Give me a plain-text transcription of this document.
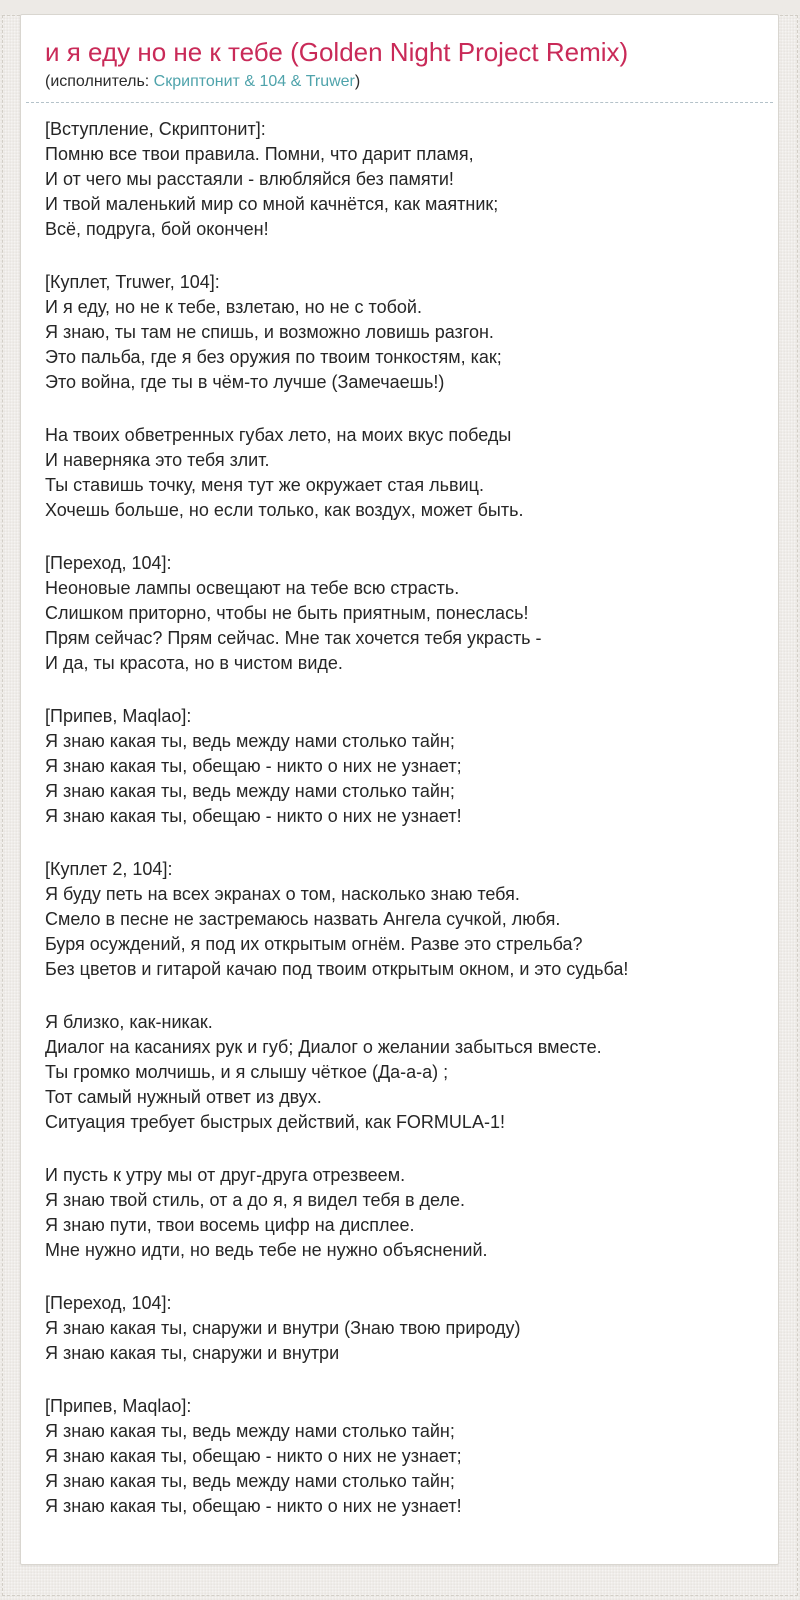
и я еду но не к тебе (Golden Night Project Remix)
(исполнитель: Скриптонит & 104 & Truwer)
[Вступление, Скриптонит]:
Помню все твои правила. Помни, что дарит пламя,
И от чего мы расстаяли - влюбляйся без памяти!
И твой маленький мир со мной качнётся, как маятник;
Всё, подруга, бой окончен!
[Куплет, Truwer, 104]:
И я еду, но не к тебе, взлетаю, но не с тобой.
Я знаю, ты там не спишь, и возможно ловишь разгон.
Это пальба, где я без оружия по твоим тонкостям, как;
Это война, где ты в чём-то лучше (Замечаешь!)
На твоих обветренных губах лето, на моих вкус победы
И наверняка это тебя злит.
Ты ставишь точку, меня тут же окружает стая львиц.
Хочешь больше, но если только, как воздух, может быть.
[Переход, 104]:
Неоновые лампы освещают на тебе всю страсть.
Слишком приторно, чтобы не быть приятным, понеслась!
Прям сейчас? Прям сейчас. Мне так хочется тебя украсть -
И да, ты красота, но в чистом виде.
[Припев, Maqlao]:
Я знаю какая ты, ведь между нами столько тайн;
Я знаю какая ты, обещаю - никто о них не узнает;
Я знаю какая ты, ведь между нами столько тайн;
Я знаю какая ты, обещаю - никто о них не узнает!
[Куплет 2, 104]:
Я буду петь на всех экранах о том, насколько знаю тебя.
Смело в песне не застремаюсь назвать Ангела сучкой, любя.
Буря осуждений, я под их открытым огнём. Разве это стрельба?
Без цветов и гитарой качаю под твоим открытым окном, и это судьба!
Я близко, как-никак.
Диалог на касаниях рук и губ; Диалог о желании забыться вместе.
Ты громко молчишь, и я слышу чёткое (Да-а-а) ;
Тот самый нужный ответ из двух.
Ситуация требует быстрых действий, как FORMULA-1!
И пусть к утру мы от друг-друга отрезвеем.
Я знаю твой стиль, от а до я, я видел тебя в деле.
Я знаю пути, твои восемь цифр на дисплее.
Мне нужно идти, но ведь тебе не нужно объяснений.
[Переход, 104]:
Я знаю какая ты, снаружи и внутри (Знаю твою природу)
Я знаю какая ты, снаружи и внутри
[Припев, Maqlao]:
Я знаю какая ты, ведь между нами столько тайн;
Я знаю какая ты, обещаю - никто о них не узнает;
Я знаю какая ты, ведь между нами столько тайн;
Я знаю какая ты, обещаю - никто о них не узнает!
